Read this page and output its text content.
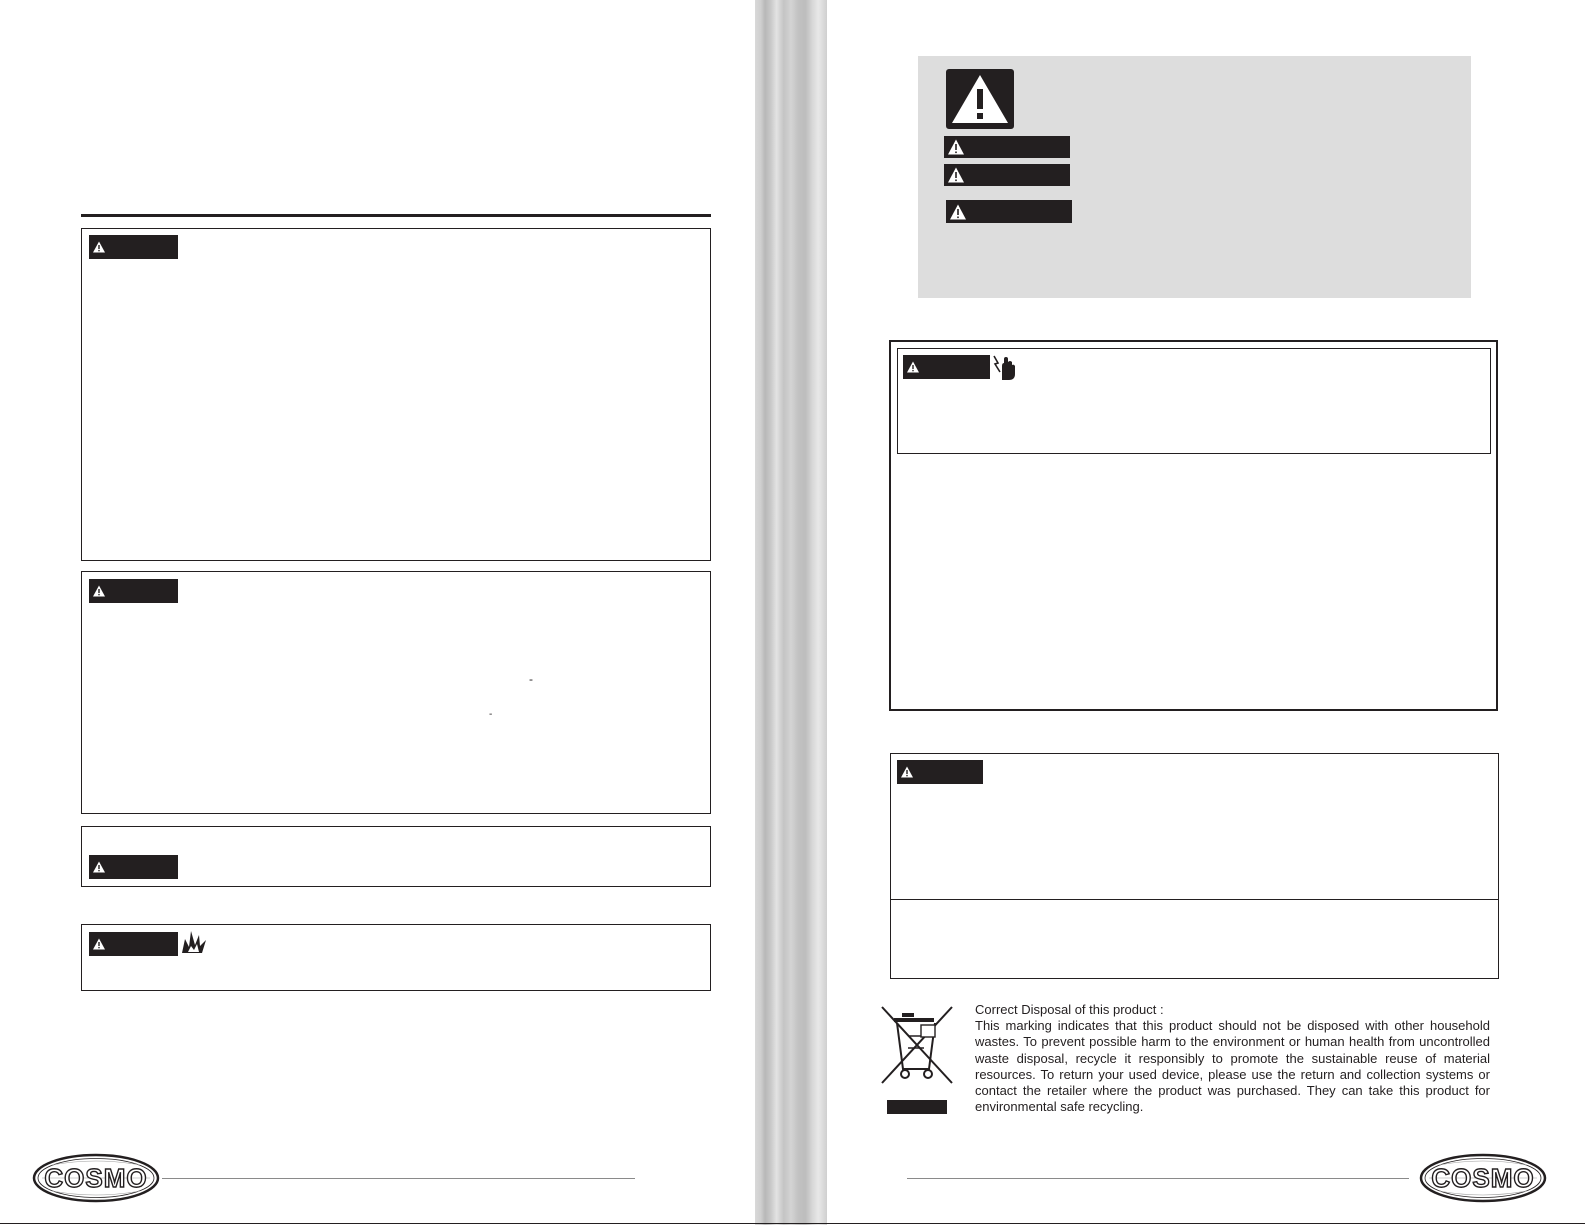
-
-
COSMO
Correct Disposal of this product :
This marking indicates that this product should not be disposed with other household wastes. To prevent possible harm to the environment or human health from uncontrolled waste disposal, recycle it responsibly to promote the sustainable reuse of material resources. To return your used device, please use the return and collection systems or contact the retailer where the product was purchased. They can take this product for environmental safe recycling.
COSMO
